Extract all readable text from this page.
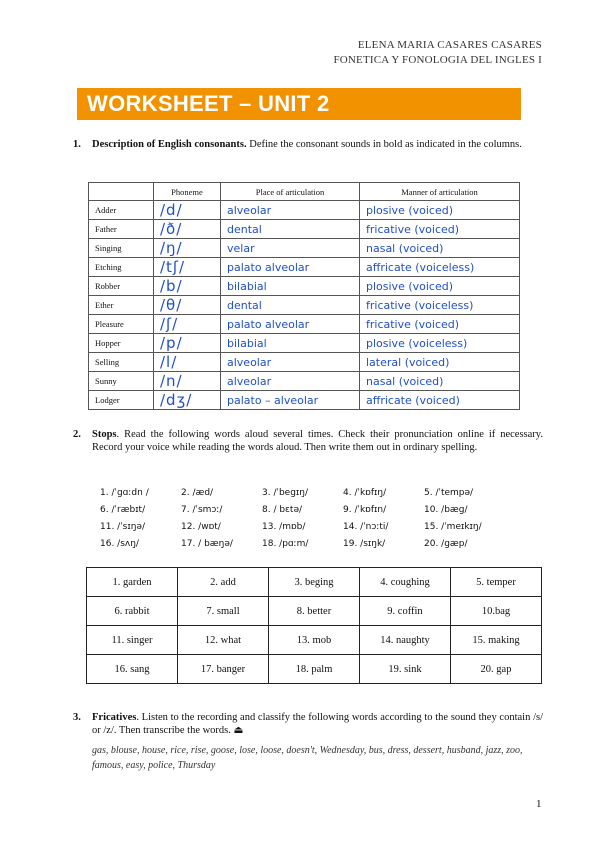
ELENA MARIA CASARES CASARES
FONETICA Y FONOLOGIA DEL INGLES I
WORKSHEET – UNIT 2
1. Description of English consonants. Define the consonant sounds in bold as indicated in the columns.
	Phoneme	Place of articulation	Manner of articulation
Adder	/d/	alveolar	plosive (voiced)
Father	/ð/	dental	fricative (voiced)
Singing	/ŋ/	velar	nasal (voiced)
Etching	/tʃ/	palato alveolar	affricate (voiceless)
Robber	/b/	bilabial	plosive (voiced)
Ether	/θ/	dental	fricative (voiceless)
Pleasure	/ʃ/	palato alveolar	fricative (voiced)
Hopper	/p/	bilabial	plosive (voiceless)
Selling	/l/	alveolar	lateral (voiced)
Sunny	/n/	alveolar	nasal (voiced)
Lodger	/dʒ/	palato – alveolar	affricate (voiced)
2. Stops. Read the following words aloud several times. Check their pronunciation online if necessary. Record your voice while reading the words aloud. Then write them out in ordinary spelling.
1. /ˈgɑːdn /	2. /æd/	3. /ˈbegɪŋ/	4. /ˈkɒfɪŋ/	5. /ˈtempə/
6. /ˈræbɪt/	7. /ˈsmɔː/	8. / bɛtə/	9. /ˈkɒfɪn/	10. /bæg/
11. /ˈsɪŋə/	12. /wɒt/	13. /mɒb/	14. /ˈnɔːti/	15. /ˈmeɪkɪŋ/
16. /sʌŋ/	17. / bæŋə/	18. /pɑːm/	19. /sɪŋk/	20. /gæp/
1. garden	2. add	3. beging	4. coughing	5. temper
6. rabbit	7. small	8. better	9. coffin	10.bag
11. singer	12. what	13. mob	14. naughty	15. making
16. sang	17. banger	18. palm	19. sink	20. gap
3. Fricatives. Listen to the recording and classify the following words according to the sound they contain /s/ or /z/. Then transcribe the words. ⏏
gas, blouse, house, rice, rise, goose, lose, loose, doesn't, Wednesday, bus, dress, dessert, husband, jazz, zoo, famous, easy, police, Thursday
1
